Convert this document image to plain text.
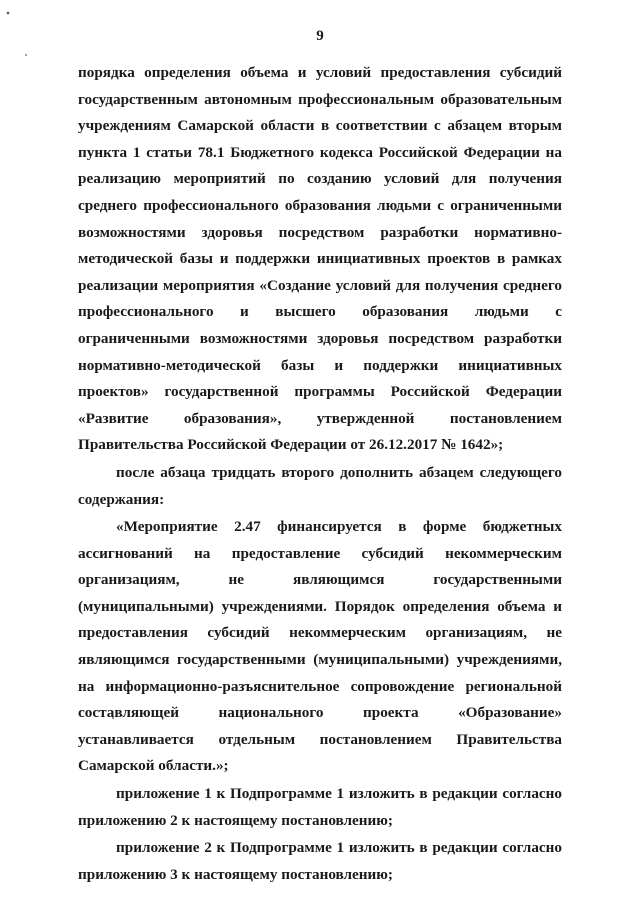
9

порядка определения объема и условий предоставления субсидий государственным автономным профессиональным образовательным учреждениям Самарской области в соответствии с абзацем вторым пункта 1 статьи 78.1 Бюджетного кодекса Российской Федерации на реализацию мероприятий по созданию условий для получения среднего профессионального образования людьми с ограниченными возможностями здоровья посредством разработки нормативно-методической базы и поддержки инициативных проектов в рамках реализации мероприятия «Создание условий для получения среднего профессионального и высшего образования людьми с ограниченными возможностями здоровья посредством разработки нормативно-методической базы и поддержки инициативных проектов» государственной программы Российской Федерации «Развитие образования», утвержденной постановлением Правительства Российской Федерации от 26.12.2017 № 1642»;

после абзаца тридцать второго дополнить абзацем следующего содержания:

«Мероприятие 2.47 финансируется в форме бюджетных ассигнований на предоставление субсидий некоммерческим организациям, не являющимся государственными (муниципальными) учреждениями. Порядок определения объема и предоставления субсидий некоммерческим организациям, не являющимся государственными (муниципальными) учреждениями, на информационно-разъяснительное сопровождение региональной составляющей национального проекта «Образование» устанавливается отдельным постановлением Правительства Самарской области.»;

приложение 1 к Подпрограмме 1 изложить в редакции согласно приложению 2 к настоящему постановлению;

приложение 2 к Подпрограмме 1 изложить в редакции согласно приложению 3 к настоящему постановлению;
